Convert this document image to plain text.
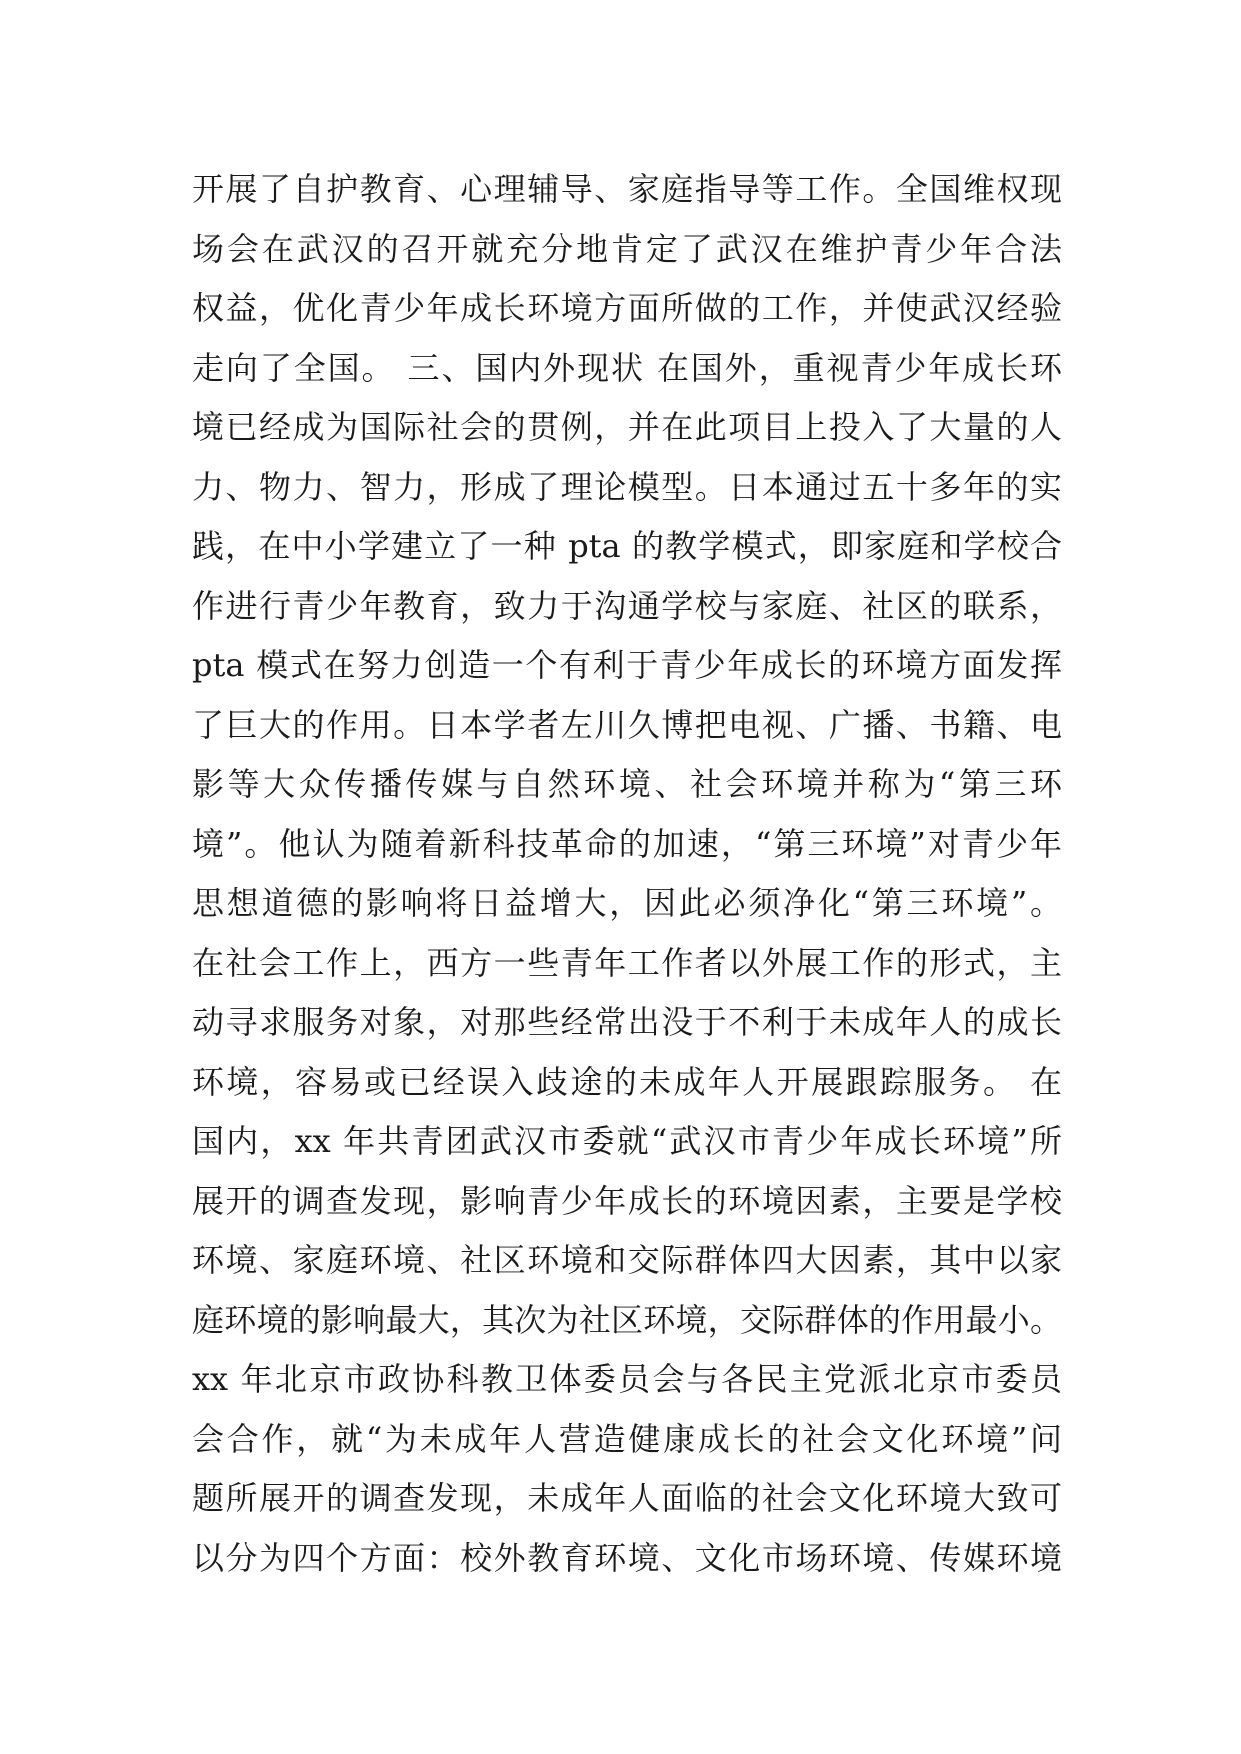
开展了自护教育、心理辅导、家庭指导等工作。全国维权现
场会在武汉的召开就充分地肯定了武汉在维护青少年合法
权益，优化青少年成长环境方面所做的工作，并使武汉经验
走向了全国。 三、国内外现状 在国外，重视青少年成长环
境已经成为国际社会的贯例，并在此项目上投入了大量的人
力、物力、智力，形成了理论模型。日本通过五十多年的实
践，在中小学建立了一种 pta 的教学模式，即家庭和学校合
作进行青少年教育，致力于沟通学校与家庭、社区的联系，
pta 模式在努力创造一个有利于青少年成长的环境方面发挥
了巨大的作用。日本学者左川久博把电视、广播、书籍、电
影等大众传播传媒与自然环境、社会环境并称为“第三环
境”。他认为随着新科技革命的加速，“第三环境”对青少年
思想道德的影响将日益增大，因此必须净化“第三环境”。
在社会工作上，西方一些青年工作者以外展工作的形式，主
动寻求服务对象，对那些经常出没于不利于未成年人的成长
环境，容易或已经误入歧途的未成年人开展跟踪服务。 在
国内，xx 年共青团武汉市委就“武汉市青少年成长环境”所
展开的调查发现，影响青少年成长的环境因素，主要是学校
环境、家庭环境、社区环境和交际群体四大因素，其中以家
庭环境的影响最大，其次为社区环境，交际群体的作用最小。
xx 年北京市政协科教卫体委员会与各民主党派北京市委员
会合作，就“为未成年人营造健康成长的社会文化环境”问
题所展开的调查发现，未成年人面临的社会文化环境大致可
以分为四个方面：校外教育环境、文化市场环境、传媒环境
